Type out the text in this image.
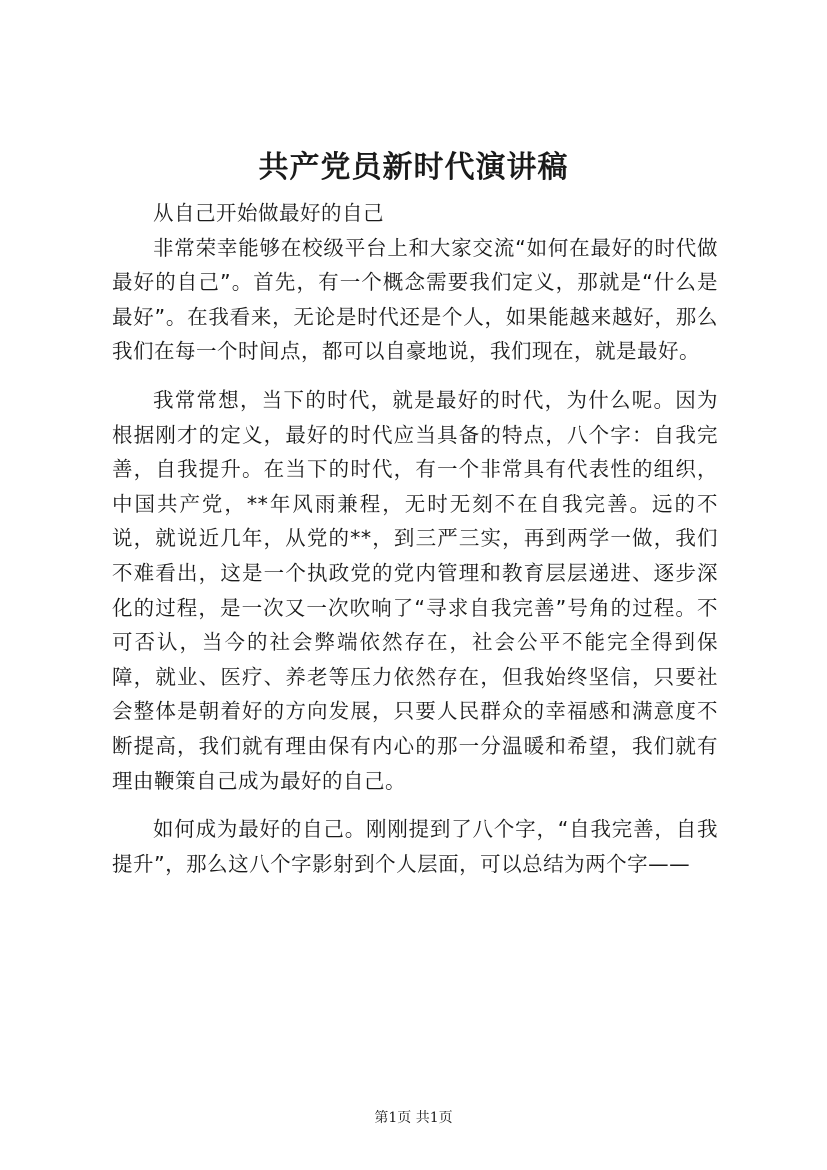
共产党员新时代演讲稿

从自己开始做最好的自己

非常荣幸能够在校级平台上和大家交流“如何在最好的时代做最好的自己”。首先，有一个概念需要我们定义，那就是“什么是最好”。在我看来，无论是时代还是个人，如果能越来越好，那么我们在每一个时间点，都可以自豪地说，我们现在，就是最好。

我常常想，当下的时代，就是最好的时代，为什么呢。因为根据刚才的定义，最好的时代应当具备的特点，八个字：自我完善，自我提升。在当下的时代，有一个非常具有代表性的组织，中国共产党，**年风雨兼程，无时无刻不在自我完善。远的不说，就说近几年，从党的**，到三严三实，再到两学一做，我们不难看出，这是一个执政党的党内管理和教育层层递进、逐步深化的过程，是一次又一次吹响了“寻求自我完善”号角的过程。不可否认，当今的社会弊端依然存在，社会公平不能完全得到保障，就业、医疗、养老等压力依然存在，但我始终坚信，只要社会整体是朝着好的方向发展，只要人民群众的幸福感和满意度不断提高，我们就有理由保有内心的那一分温暖和希望，我们就有理由鞭策自己成为最好的自己。

如何成为最好的自己。刚刚提到了八个字，“自我完善，自我提升”，那么这八个字影射到个人层面，可以总结为两个字——

第1页 共1页
